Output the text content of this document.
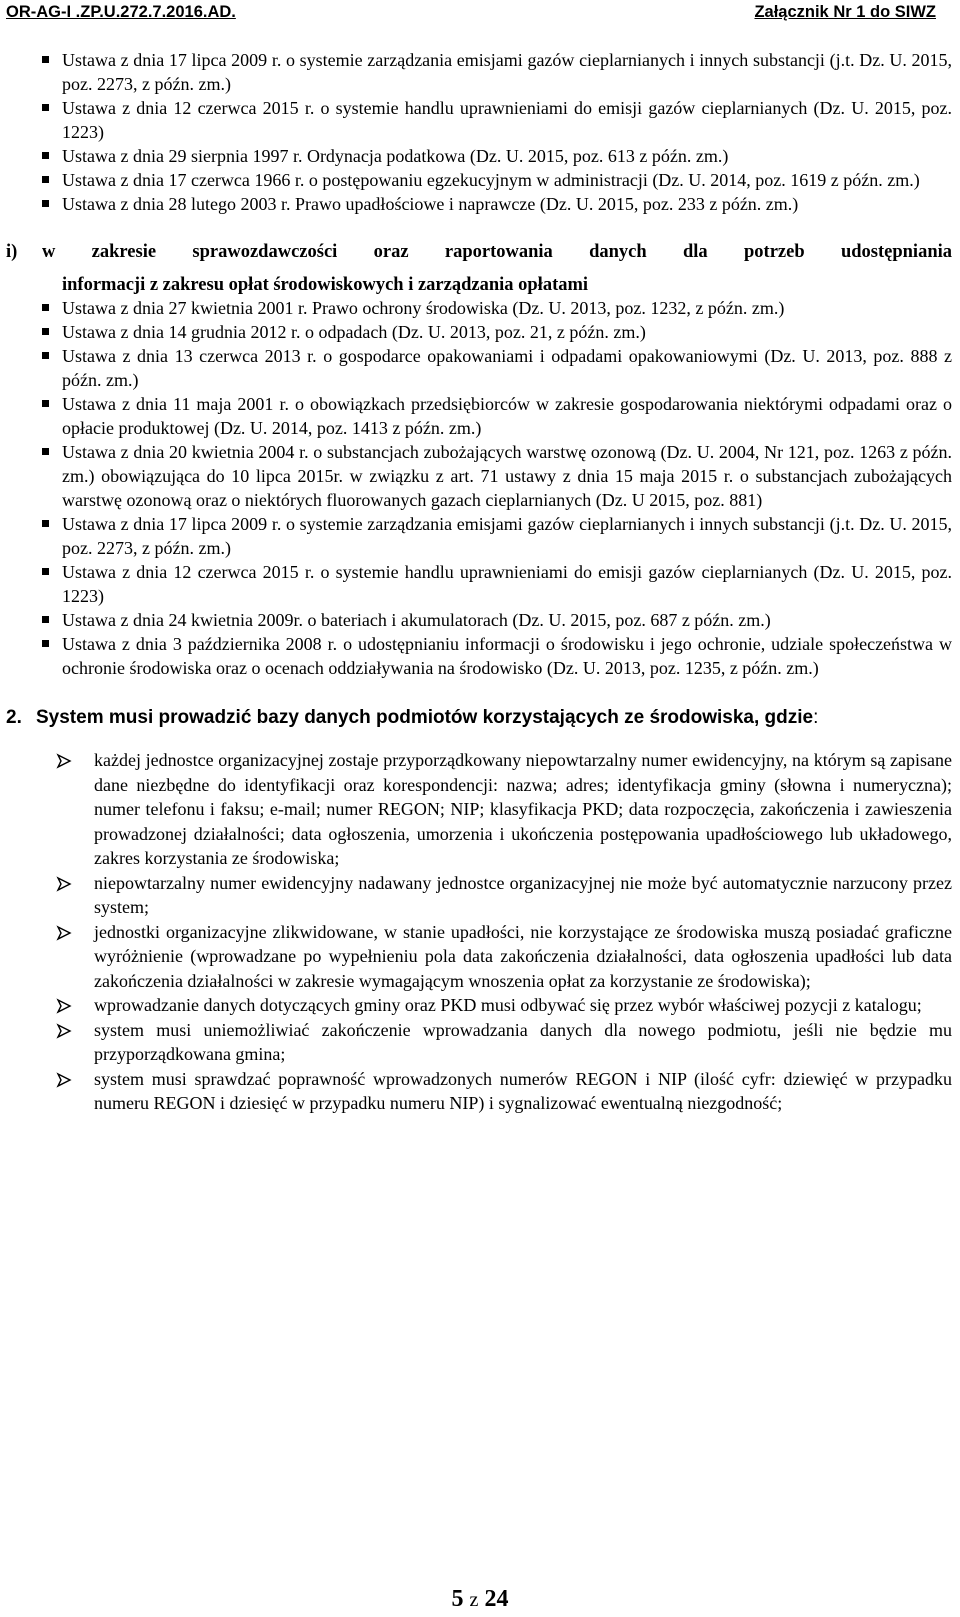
OR-AG-I .ZP.U.272.7.2016.AD.	Załącznik Nr 1 do SIWZ
Ustawa z dnia 17 lipca 2009 r. o systemie zarządzania emisjami gazów cieplarnianych i innych substancji (j.t. Dz. U. 2015, poz. 2273, z późn. zm.)
Ustawa z dnia 12 czerwca 2015 r. o systemie handlu uprawnieniami do emisji gazów cieplarnianych (Dz. U. 2015, poz. 1223)
Ustawa z dnia 29 sierpnia 1997 r. Ordynacja podatkowa (Dz. U. 2015, poz. 613 z późn. zm.)
Ustawa z dnia 17 czerwca 1966 r. o postępowaniu egzekucyjnym w administracji (Dz. U. 2014, poz. 1619 z późn. zm.)
Ustawa z dnia 28 lutego 2003 r. Prawo upadłościowe i naprawcze (Dz. U. 2015, poz. 233 z późn. zm.)
i) w zakresie sprawozdawczości oraz raportowania danych dla potrzeb udostępniania
informacji z zakresu opłat środowiskowych i zarządzania opłatami
Ustawa z dnia 27 kwietnia 2001 r. Prawo ochrony środowiska (Dz. U. 2013, poz. 1232, z późn. zm.)
Ustawa z dnia 14 grudnia 2012 r. o odpadach (Dz. U. 2013, poz. 21, z późn. zm.)
Ustawa z dnia 13 czerwca 2013 r. o gospodarce opakowaniami i odpadami opakowaniowymi (Dz. U. 2013, poz. 888 z późn. zm.)
Ustawa z dnia 11 maja 2001 r. o obowiązkach przedsiębiorców w zakresie gospodarowania niektórymi odpadami oraz o opłacie produktowej (Dz. U. 2014, poz. 1413 z późn. zm.)
Ustawa z dnia 20 kwietnia 2004 r. o substancjach zubożających warstwę ozonową (Dz. U. 2004, Nr 121, poz. 1263 z późn. zm.) obowiązująca do 10 lipca 2015r. w związku z art. 71 ustawy z dnia 15 maja 2015 r. o substancjach zubożających warstwę ozonową oraz o niektórych fluorowanych gazach cieplarnianych (Dz. U 2015, poz. 881)
Ustawa z dnia 17 lipca 2009 r. o systemie zarządzania emisjami gazów cieplarnianych i innych substancji (j.t. Dz. U. 2015, poz. 2273, z późn. zm.)
Ustawa z dnia 12 czerwca 2015 r. o systemie handlu uprawnieniami do emisji gazów cieplarnianych (Dz. U. 2015, poz. 1223)
Ustawa z dnia 24 kwietnia 2009r. o bateriach i akumulatorach (Dz. U. 2015, poz. 687 z późn. zm.)
Ustawa z dnia 3 października 2008 r. o udostępnianiu informacji o środowisku i jego ochronie, udziale społeczeństwa w ochronie środowiska oraz o ocenach oddziaływania na środowisko (Dz. U. 2013, poz. 1235, z późn. zm.)
2. System musi prowadzić bazy danych podmiotów korzystających ze środowiska, gdzie:
każdej jednostce organizacyjnej zostaje przyporządkowany niepowtarzalny numer ewidencyjny, na którym są zapisane dane niezbędne do identyfikacji oraz korespondencji: nazwa; adres; identyfikacja gminy (słowna i numeryczna); numer telefonu i faksu; e-mail; numer REGON; NIP; klasyfikacja PKD; data rozpoczęcia, zakończenia i zawieszenia prowadzonej działalności; data ogłoszenia, umorzenia i ukończenia postępowania upadłościowego lub układowego, zakres korzystania ze środowiska;
niepowtarzalny numer ewidencyjny nadawany jednostce organizacyjnej nie może być automatycznie narzucony przez system;
jednostki organizacyjne zlikwidowane, w stanie upadłości, nie korzystające ze środowiska muszą posiadać graficzne wyróżnienie (wprowadzane po wypełnieniu pola data zakończenia działalności, data ogłoszenia upadłości lub data zakończenia działalności w zakresie wymagającym wnoszenia opłat za korzystanie ze środowiska);
wprowadzanie danych dotyczących gminy oraz PKD musi odbywać się przez wybór właściwej pozycji z katalogu;
system musi uniemożliwiać zakończenie wprowadzania danych dla nowego podmiotu, jeśli nie będzie mu przyporządkowana gmina;
system musi sprawdzać poprawność wprowadzonych numerów REGON i NIP (ilość cyfr: dziewięć w przypadku numeru REGON i dziesięć w przypadku numeru NIP) i sygnalizować ewentualną niezgodność;
5 z 24
